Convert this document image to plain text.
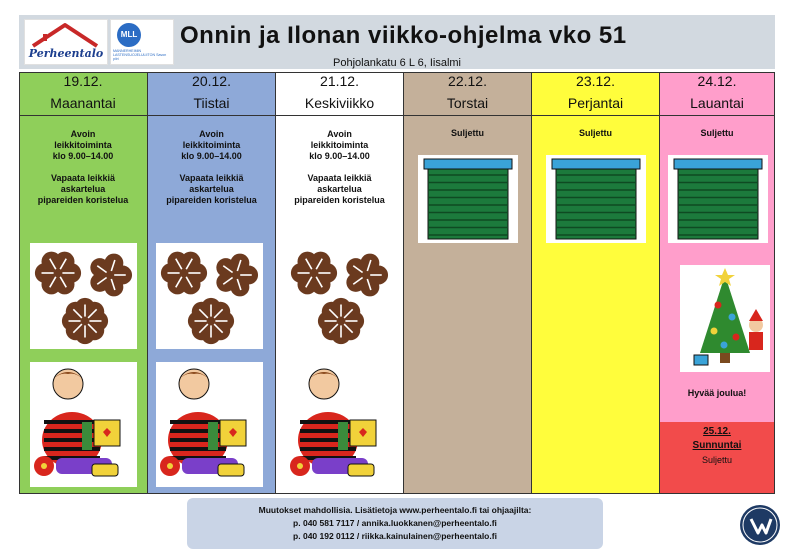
Perheentalo
MLL
MANNERHEIMIN LASTENSUOJELULIITON Savon piiri
Onnin ja Ilonan viikko-ohjelma vko 51
Pohjolankatu 6 L 6, Iisalmi
19.12.
Maanantai
Avoin
leikkitoiminta
klo 9.00–14.00

Vapaata leikkiä
askartelua
pipareiden koristelua
20.12.
Tiistai
Avoin
leikkitoiminta
klo 9.00–14.00

Vapaata leikkiä
askartelua
pipareiden koristelua
21.12.
Keskiviikko
Avoin
leikkitoiminta
klo 9.00–14.00

Vapaata leikkiä
askartelua
pipareiden koristelua
22.12.
Torstai
Suljettu
23.12.
Perjantai
Suljettu
24.12.
Lauantai
Suljettu
Hyvää joulua!
25.12.
Sunnuntai
Suljettu
Muutokset mahdollisia. Lisätietoja www.perheentalo.fi tai ohjaajilta:
p. 040 581 7117 / annika.luokkanen@perheentalo.fi
p. 040 192 0112 / riikka.kainulainen@perheentalo.fi
